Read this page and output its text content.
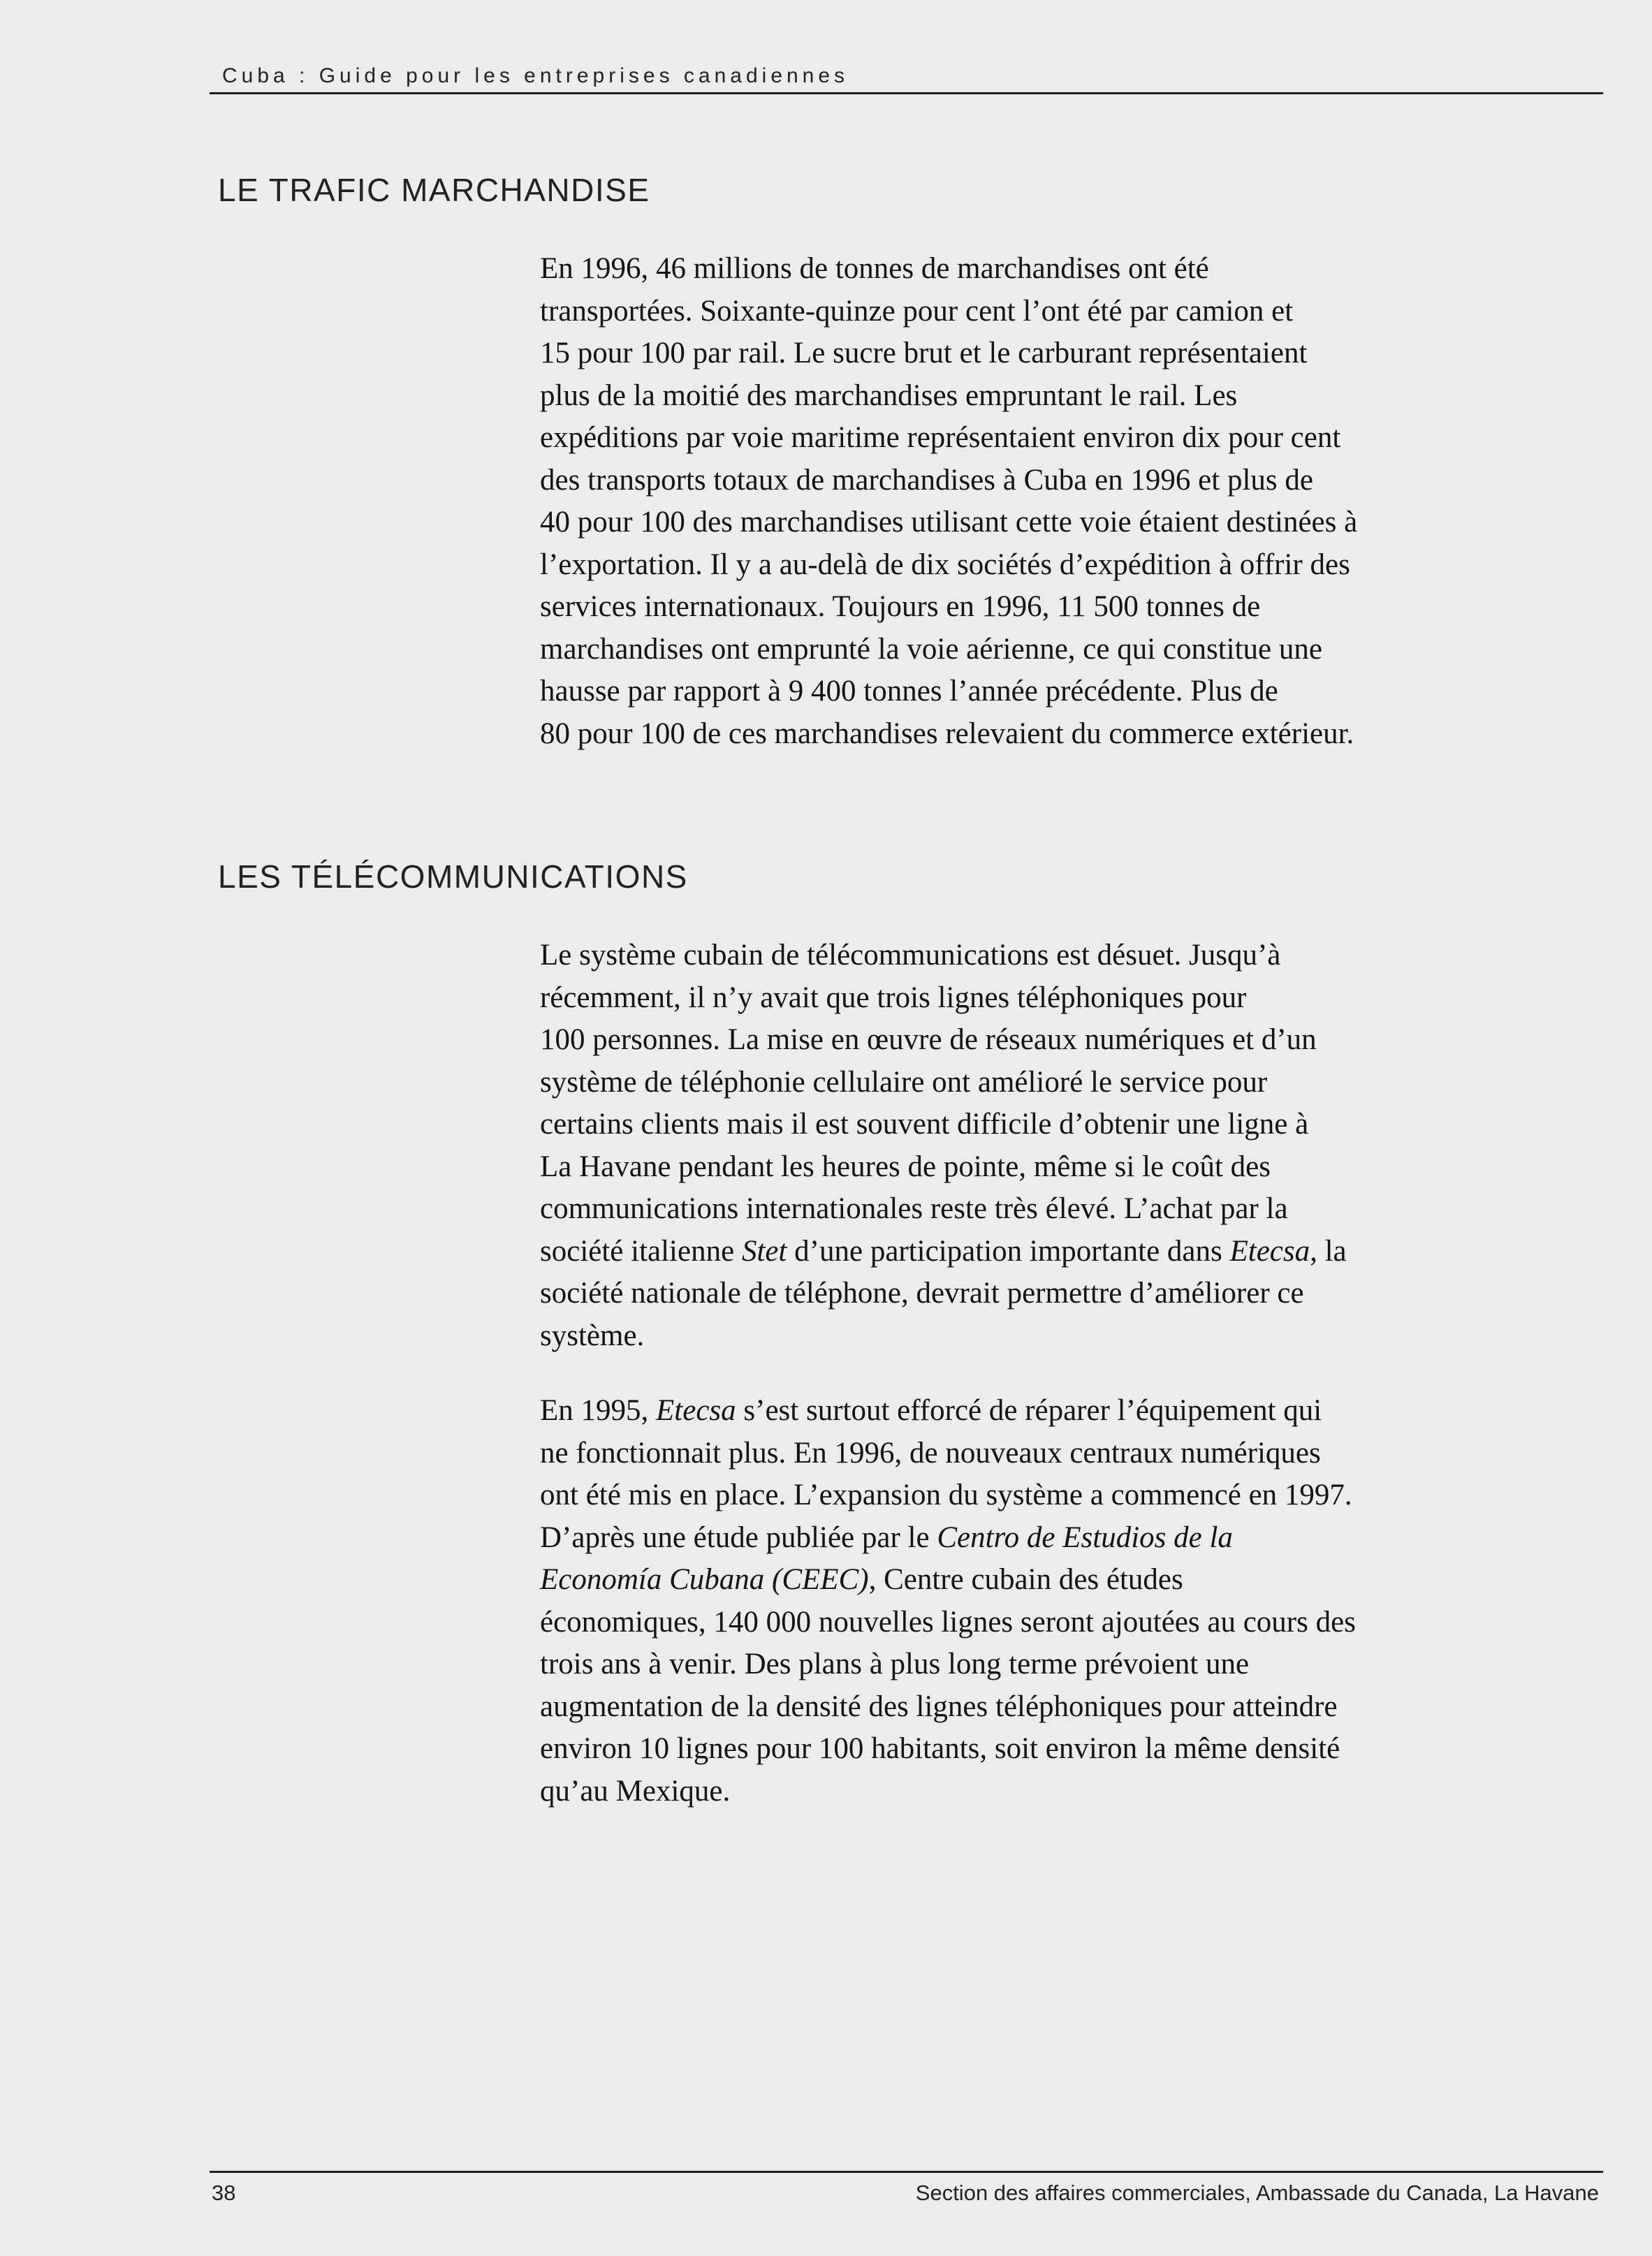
Cuba : Guide pour les entreprises canadiennes
LE TRAFIC MARCHANDISE

En 1996, 46 millions de tonnes de marchandises ont été
transportées. Soixante-quinze pour cent l’ont été par camion et
15 pour 100 par rail. Le sucre brut et le carburant représentaient
plus de la moitié des marchandises empruntant le rail. Les
expéditions par voie maritime représentaient environ dix pour cent
des transports totaux de marchandises à Cuba en 1996 et plus de
40 pour 100 des marchandises utilisant cette voie étaient destinées à
l’exportation. Il y a au-delà de dix sociétés d’expédition à offrir des
services internationaux. Toujours en 1996, 11 500 tonnes de
marchandises ont emprunté la voie aérienne, ce qui constitue une
hausse par rapport à 9 400 tonnes l’année précédente. Plus de
80 pour 100 de ces marchandises relevaient du commerce extérieur.

LES TÉLÉCOMMUNICATIONS

Le système cubain de télécommunications est désuet. Jusqu’à
récemment, il n’y avait que trois lignes téléphoniques pour
100 personnes. La mise en œuvre de réseaux numériques et d’un
système de téléphonie cellulaire ont amélioré le service pour
certains clients mais il est souvent difficile d’obtenir une ligne à
La Havane pendant les heures de pointe, même si le coût des
communications internationales reste très élevé. L’achat par la
société italienne Stet d’une participation importante dans Etecsa, la
société nationale de téléphone, devrait permettre d’améliorer ce
système.

En 1995, Etecsa s’est surtout efforcé de réparer l’équipement qui
ne fonctionnait plus. En 1996, de nouveaux centraux numériques
ont été mis en place. L’expansion du système a commencé en 1997.
D’après une étude publiée par le Centro de Estudios de la
Economía Cubana (CEEC), Centre cubain des études
économiques, 140 000 nouvelles lignes seront ajoutées au cours des
trois ans à venir. Des plans à plus long terme prévoient une
augmentation de la densité des lignes téléphoniques pour atteindre
environ 10 lignes pour 100 habitants, soit environ la même densité
qu’au Mexique.

38	Section des affaires commerciales, Ambassade du Canada, La Havane
